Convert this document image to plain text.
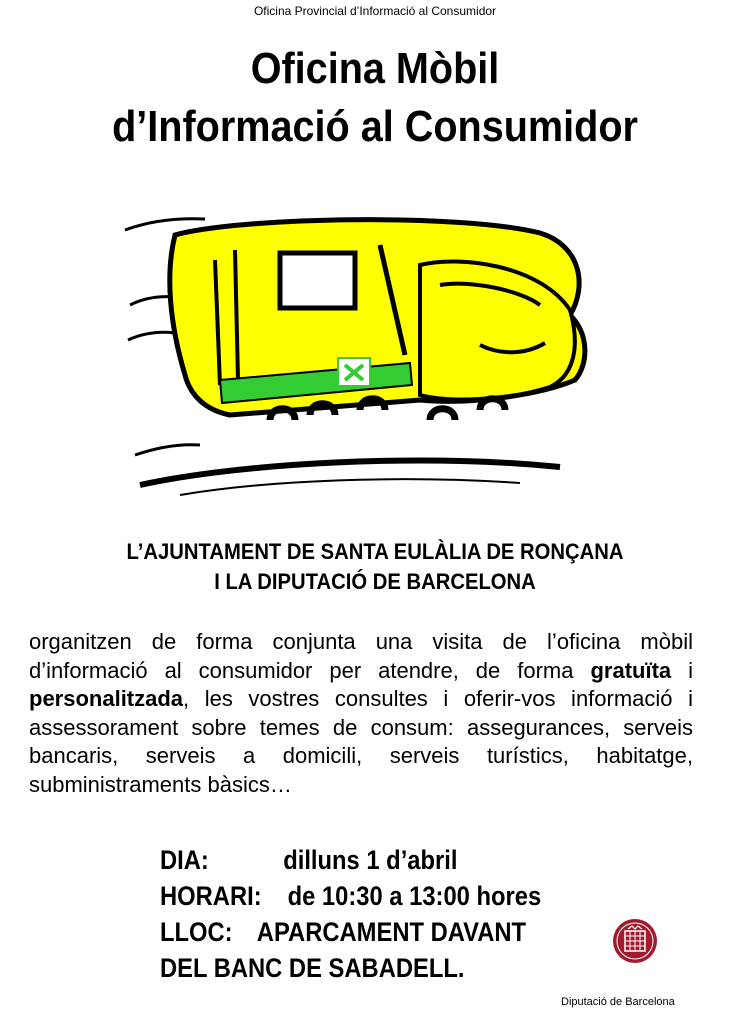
Oficina Provincial d’Informació al Consumidor
Oficina Mòbil
d’Informació al Consumidor
L’AJUNTAMENT DE SANTA EULÀLIA DE RONÇANA
I LA DIPUTACIÓ DE BARCELONA
organitzen de forma conjunta una visita de l’oficina mòbil d’informació al consumidor per atendre, de forma gratuïta i personalitzada, les vostres consultes i oferir-vos informació i assessorament sobre temes de consum: assegurances, serveis bancaris, serveis a domicili, serveis turístics, habitatge, subministraments bàsics…
DIA:	dilluns 1 d’abril
HORARI: de 10:30 a 13:00 hores
LLOC: APARCAMENT DAVANT
DEL BANC DE SABADELL.
Diputació de Barcelona
